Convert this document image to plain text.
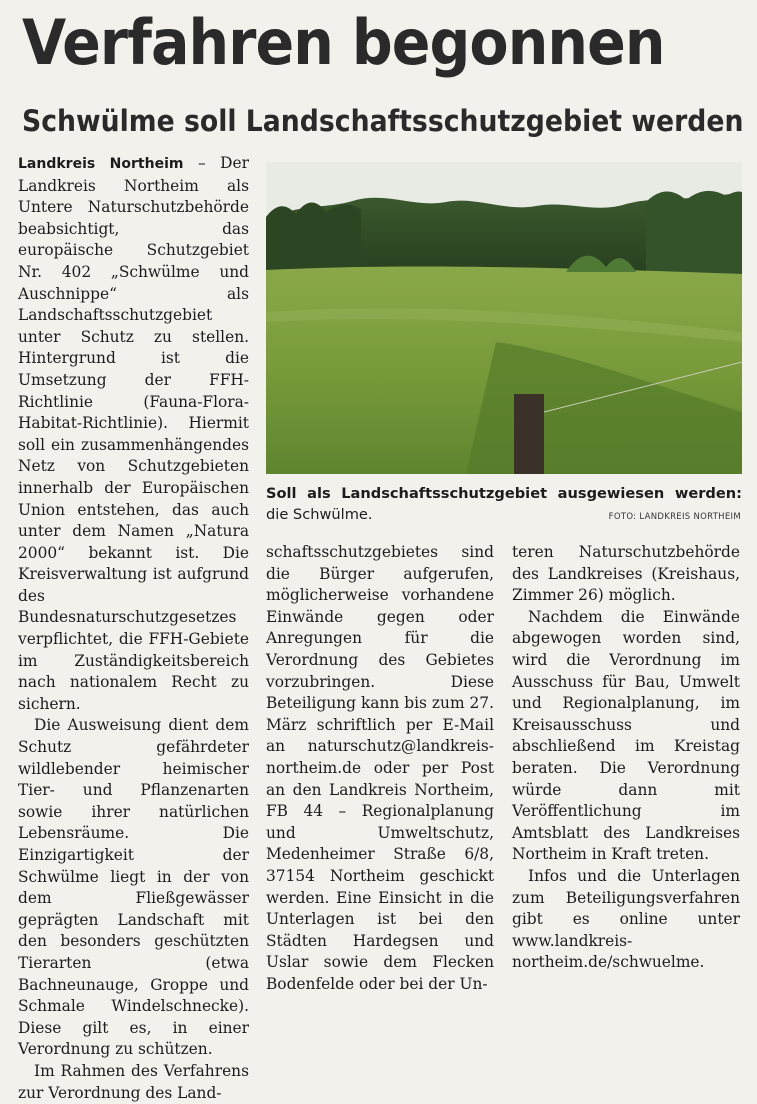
Verfahren begonnen
Schwülme soll Landschaftsschutzgebiet werden

Landkreis Northeim – Der Landkreis Northeim als Untere Naturschutzbehörde beabsichtigt, das europäische Schutzgebiet Nr. 402 „Schwülme und Auschnippe“ als Landschaftsschutzgebiet unter Schutz zu stellen. Hintergrund ist die Umsetzung der FFH-Richtlinie (Fauna-Flora-Habitat-Richtlinie). Hiermit soll ein zusammenhängendes Netz von Schutzgebieten innerhalb der Europäischen Union entstehen, das auch unter dem Namen „Natura 2000“ bekannt ist. Die Kreisverwaltung ist aufgrund des Bundesnaturschutzgesetzes verpflichtet, die FFH-Gebiete im Zuständigkeitsbereich nach nationalem Recht zu sichern.

Die Ausweisung dient dem Schutz gefährdeter wildlebender heimischer Tier- und Pflanzenarten sowie ihrer natürlichen Lebensräume. Die Einzigartigkeit der Schwülme liegt in der von dem Fließgewässer geprägten Landschaft mit den besonders geschützten Tierarten (etwa Bachneunauge, Groppe und Schmale Windelschnecke). Diese gilt es, in einer Verordnung zu schützen.

Im Rahmen des Verfahrens zur Verordnung des Land-

Soll als Landschaftsschutzgebiet ausgewiesen werden: die Schwülme.	FOTO: LANDKREIS NORTHEIM

schaftsschutzgebietes sind die Bürger aufgerufen, möglicherweise vorhandene Einwände gegen oder Anregungen für die Verordnung des Gebietes vorzubringen. Diese Beteiligung kann bis zum 27. März schriftlich per E-Mail an naturschutz@landkreis-northeim.de oder per Post an den Landkreis Northeim, FB 44 – Regionalplanung und Umweltschutz, Medenheimer Straße 6/8, 37154 Northeim geschickt werden. Eine Einsicht in die Unterlagen ist bei den Städten Hardegsen und Uslar sowie dem Flecken Bodenfelde oder bei der Un-

teren Naturschutzbehörde des Landkreises (Kreishaus, Zimmer 26) möglich.

Nachdem die Einwände abgewogen worden sind, wird die Verordnung im Ausschuss für Bau, Umwelt und Regionalplanung, im Kreisausschuss und abschließend im Kreistag beraten. Die Verordnung würde dann mit Veröffentlichung im Amtsblatt des Landkreises Northeim in Kraft treten.

Infos und die Unterlagen zum Beteiligungsverfahren gibt es online unter www.landkreis-northeim.de/schwuelme.
